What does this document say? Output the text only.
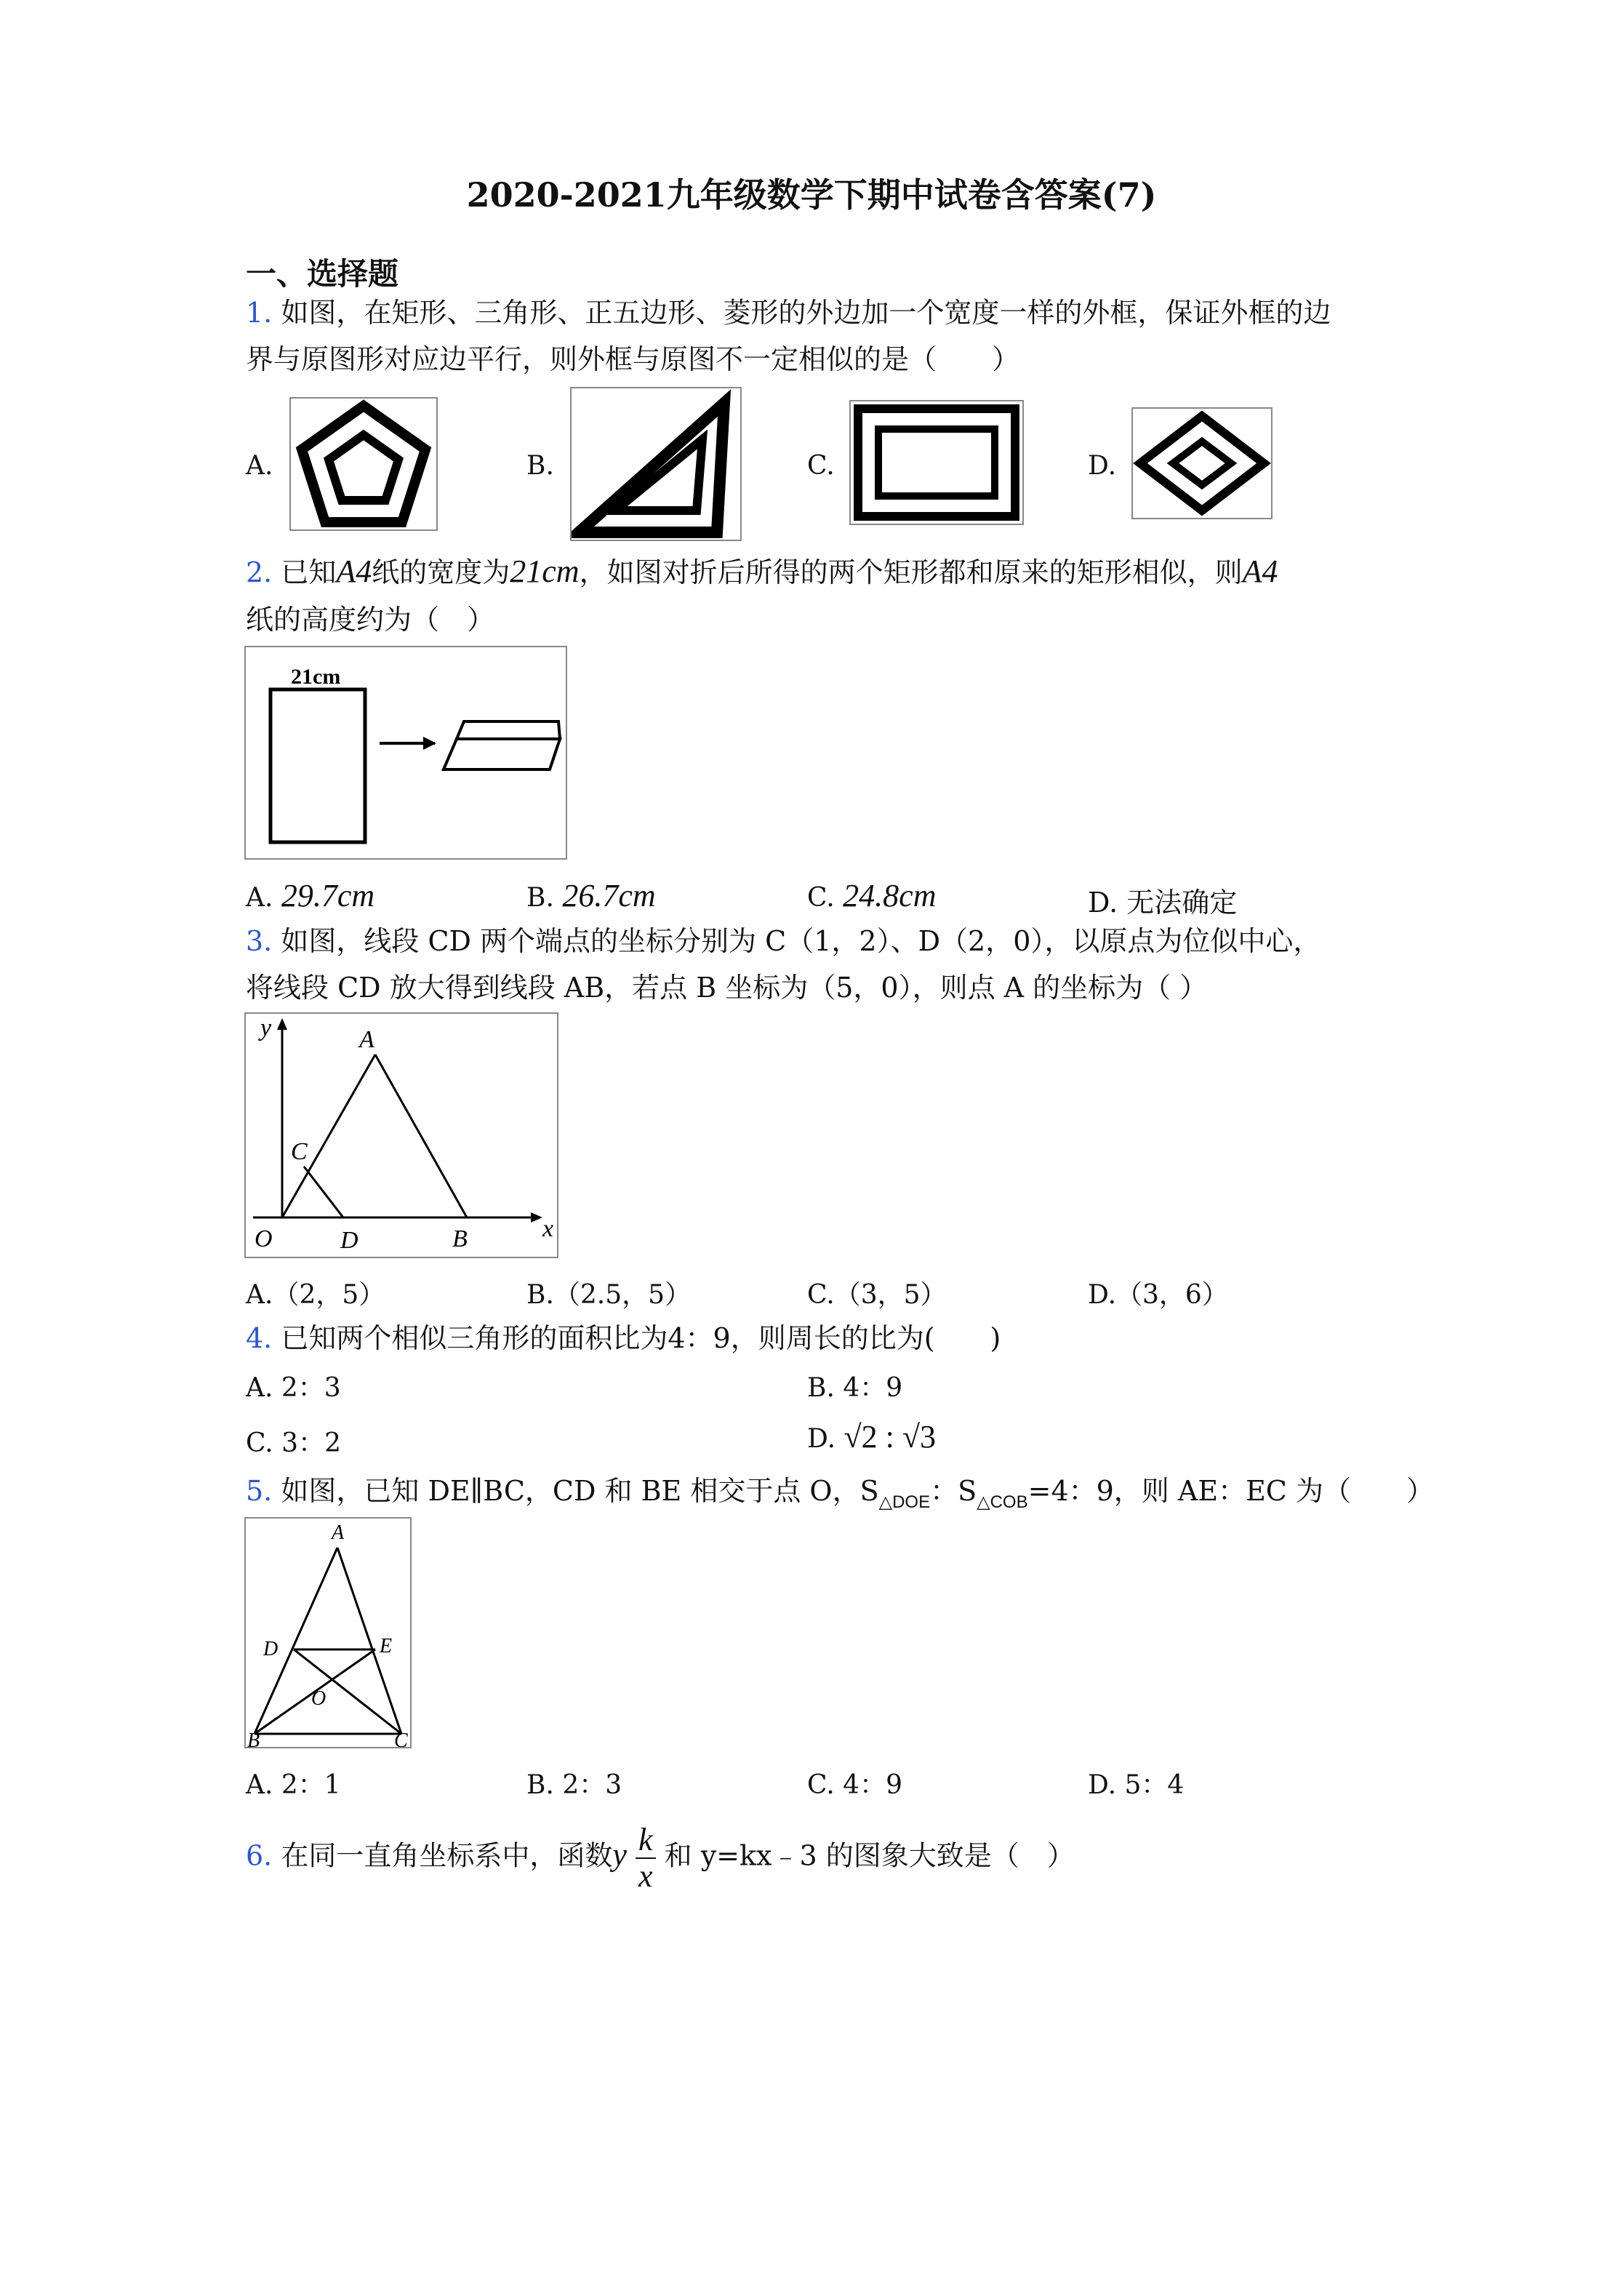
2020-2021九年级数学下期中试卷含答案(7)
一、选择题
1. 如图，在矩形、三角形、正五边形、菱形的外边加一个宽度一样的外框，保证外框的边
界与原图形对应边平行，则外框与原图不一定相似的是（　　）
A.	B.	C.	D.
2. 已知A4纸的宽度为21cm，如图对折后所得的两个矩形都和原来的矩形相似，则A4
纸的高度约为（　）
21cm
A. 29.7cm	B. 26.7cm	C. 24.8cm	D. 无法确定
3. 如图，线段 CD 两个端点的坐标分别为 C（1，2）、D（2，0），以原点为位似中心，
将线段 CD 放大得到线段 AB，若点 B 坐标为（5，0），则点 A 的坐标为（ ）
y
x
A
C
O	D	B
A.（2，5）	B.（2.5，5）	C.（3，5）	D.（3，6）
4. 已知两个相似三角形的面积比为4：9，则周长的比为(　　)
A. 2：3	B. 4：9
C. 3：2	D. √2 : √3
5. 如图，已知 DE∥BC，CD 和 BE 相交于点 O，$S_{\triangle DOE}$：$S_{\triangle COB}=4$：9，则 AE：EC 为（　　）
A
D	E
O
B	C
A. 2：1	B. 2：3	C. 4：9	D. 5：4
6. 在同一直角坐标系中，函数y $\frac{k}{x}$ 和 y=kx﹣3 的图象大致是（　）
